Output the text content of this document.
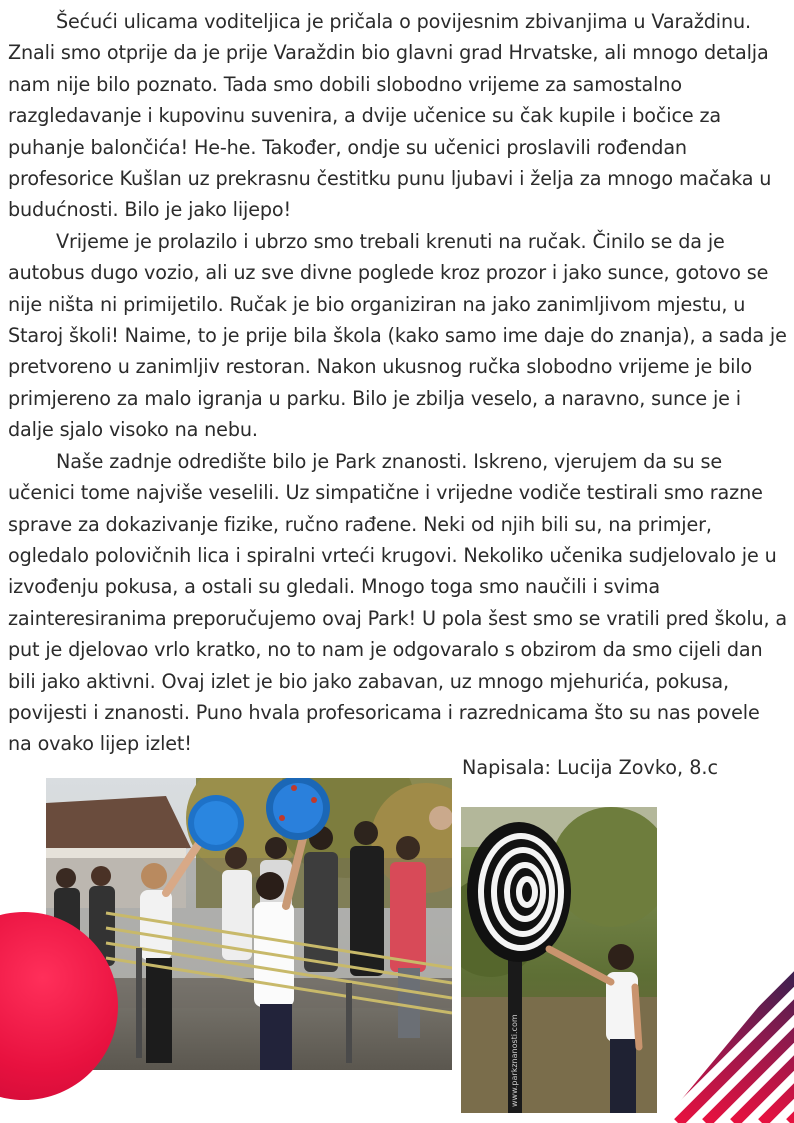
Šećući ulicama voditeljica je pričala o povijesnim zbivanjima u Varaždinu. Znali smo otprije da je prije Varaždin bio glavni grad Hrvatske, ali mnogo detalja nam nije bilo poznato. Tada smo dobili slobodno vrijeme za samostalno razgledavanje i kupovinu suvenira, a dvije učenice su čak kupile i bočice za puhanje balončića! He-he. Također, ondje su učenici proslavili rođendan profesorice Kušlan uz prekrasnu čestitku punu ljubavi i želja za mnogo mačaka u budućnosti. Bilo je jako lijepo!

Vrijeme je prolazilo i ubrzo smo trebali krenuti na ručak. Činilo se da je autobus dugo vozio, ali uz sve divne poglede kroz prozor i jako sunce, gotovo se nije ništa ni primijetilo. Ručak je bio organiziran na jako zanimljivom mjestu, u Staroj školi! Naime, to je prije bila škola (kako samo ime daje do znanja), a sada je pretvoreno u zanimljiv restoran. Nakon ukusnog ručka slobodno vrijeme je bilo primjereno za malo igranja u parku. Bilo je zbilja veselo, a naravno, sunce je i dalje sjalo visoko na nebu.

Naše zadnje odredište bilo je Park znanosti. Iskreno, vjerujem da su se učenici tome najviše veselili. Uz simpatične i vrijedne vodiče testirali smo razne sprave za dokazivanje fizike, ručno rađene. Neki od njih bili su, na primjer, ogledalo polovičnih lica i spiralni vrteći krugovi. Nekoliko učenika sudjelovalo je u izvođenju pokusa, a ostali su gledali. Mnogo toga smo naučili i svima zainteresiranima preporučujemo ovaj Park! U pola šest smo se vratili pred školu, a put je djelovao vrlo kratko, no to nam je odgovaralo s obzirom da smo cijeli dan bili jako aktivni. Ovaj izlet je bio jako zabavan, uz mnogo mjehurića, pokusa, povijesti i znanosti. Puno hvala profesoricama i razrednicama što su nas povele na ovako lijep izlet!

Napisala: Lucija Zovko, 8.c
www.parkznanosti.com
